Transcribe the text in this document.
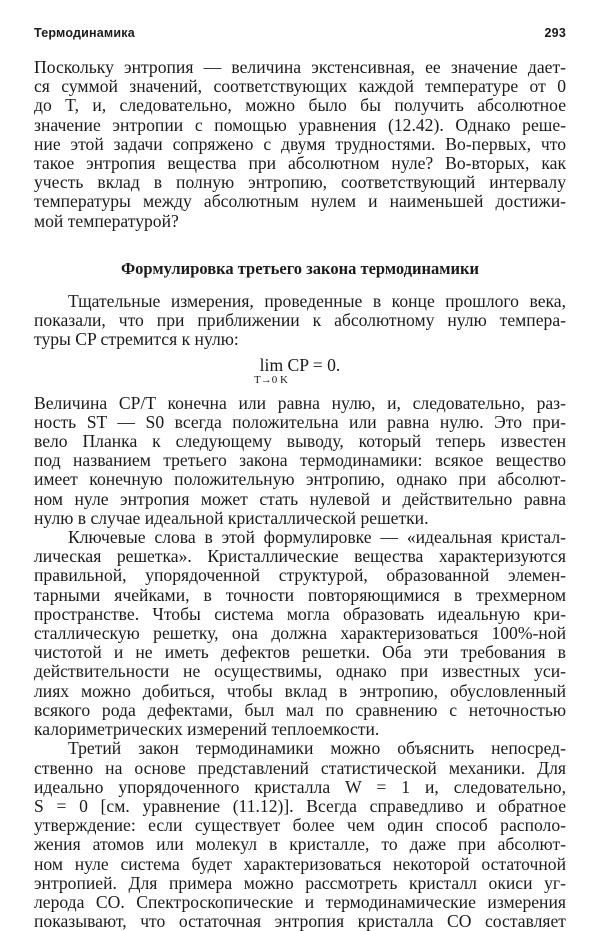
Термодинамика	293
Поскольку энтропия — величина экстенсивная, ее значение дает-
ся суммой значений, соответствующих каждой температуре от 0
до T, и, следовательно, можно было бы получить абсолютное
значение энтропии с помощью уравнения (12.42). Однако реше-
ние этой задачи сопряжено с двумя трудностями. Во-первых, что
такое энтропия вещества при абсолютном нуле? Во-вторых, как
учесть вклад в полную энтропию, соответствующий интервалу
температуры между абсолютным нулем и наименьшей достижи-
мой температурой?
Формулировка третьего закона термодинамики
Тщательные измерения, проведенные в конце прошлого века,
показали, что при приближении к абсолютному нулю темпера-
туры CP стремится к нулю:
lim CP = 0.
T→0 K
Величина CP/T конечна или равна нулю, и, следовательно, раз-
ность ST — S0 всегда положительна или равна нулю. Это при-
вело Планка к следующему выводу, который теперь известен
под названием третьего закона термодинамики: всякое вещество
имеет конечную положительную энтропию, однако при абсолют-
ном нуле энтропия может стать нулевой и действительно равна
нулю в случае идеальной кристаллической решетки.
Ключевые слова в этой формулировке — «идеальная кристал-
лическая решетка». Кристаллические вещества характеризуются
правильной, упорядоченной структурой, образованной элемен-
тарными ячейками, в точности повторяющимися в трехмерном
пространстве. Чтобы система могла образовать идеальную кри-
сталлическую решетку, она должна характеризоваться 100%-ной
чистотой и не иметь дефектов решетки. Оба эти требования в
действительности не осуществимы, однако при известных уси-
лиях можно добиться, чтобы вклад в энтропию, обусловленный
всякого рода дефектами, был мал по сравнению с неточностью
калориметрических измерений теплоемкости.
Третий закон термодинамики можно объяснить непосред-
ственно на основе представлений статистической механики. Для
идеально упорядоченного кристалла W = 1 и, следовательно,
S = 0 [см. уравнение (11.12)]. Всегда справедливо и обратное
утверждение: если существует более чем один способ располо-
жения атомов или молекул в кристалле, то даже при абсолют-
ном нуле система будет характеризоваться некоторой остаточной
энтропией. Для примера можно рассмотреть кристалл окиси уг-
лерода CO. Спектроскопические и термодинамические измерения
показывают, что остаточная энтропия кристалла CO составляет
